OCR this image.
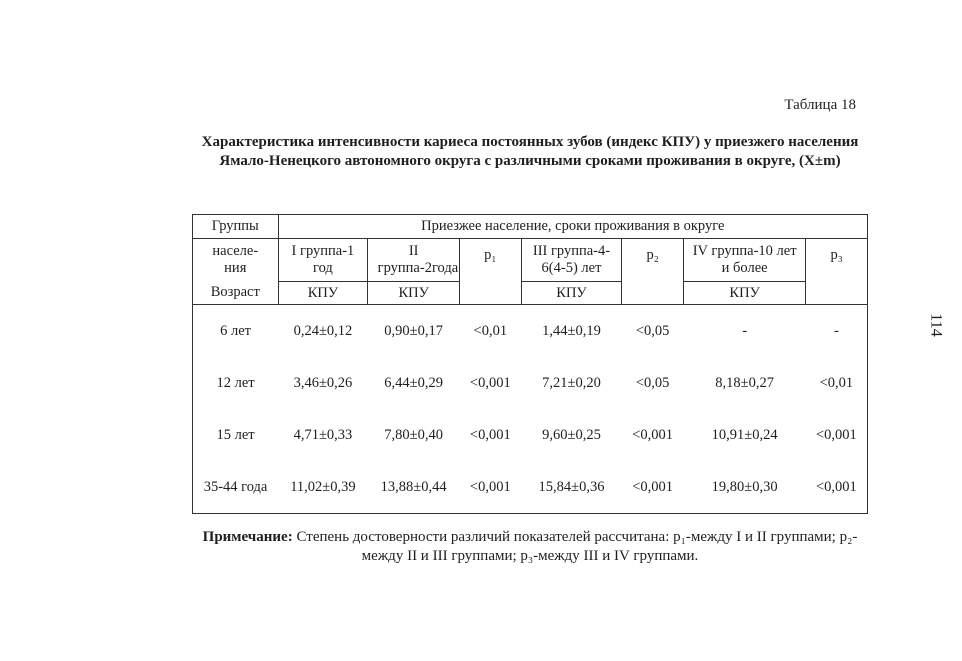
Таблица 18
Характеристика интенсивности кариеса постоянных зубов (индекс КПУ) у приезжего населения Ямало-Ненецкого автономного округа с различными сроками проживания в округе, (X±m)
114
Группы	Приезжее население, сроки проживания в округе						

населе-ния	I группа-1 год	II группа-2года	p₁	III группа-4-6(4-5) лет	p₂	IV группа-10 лет и более	p₃
Возраст	КПУ	КПУ		КПУ		КПУ	
6 лет	0,24±0,12	0,90±0,17	<0,01	1,44±0,19	<0,05	-	-
12 лет	3,46±0,26	6,44±0,29	<0,001	7,21±0,20	<0,05	8,18±0,27	<0,01
15 лет	4,71±0,33	7,80±0,40	<0,001	9,60±0,25	<0,001	10,91±0,24	<0,001
35-44 года	11,02±0,39	13,88±0,44	<0,001	15,84±0,36	<0,001	19,80±0,30	<0,001
Примечание: Степень достоверности различий показателей рассчитана: p₁-между I и II группами; p₂-между II и III группами; p₃-между III и IV группами.
